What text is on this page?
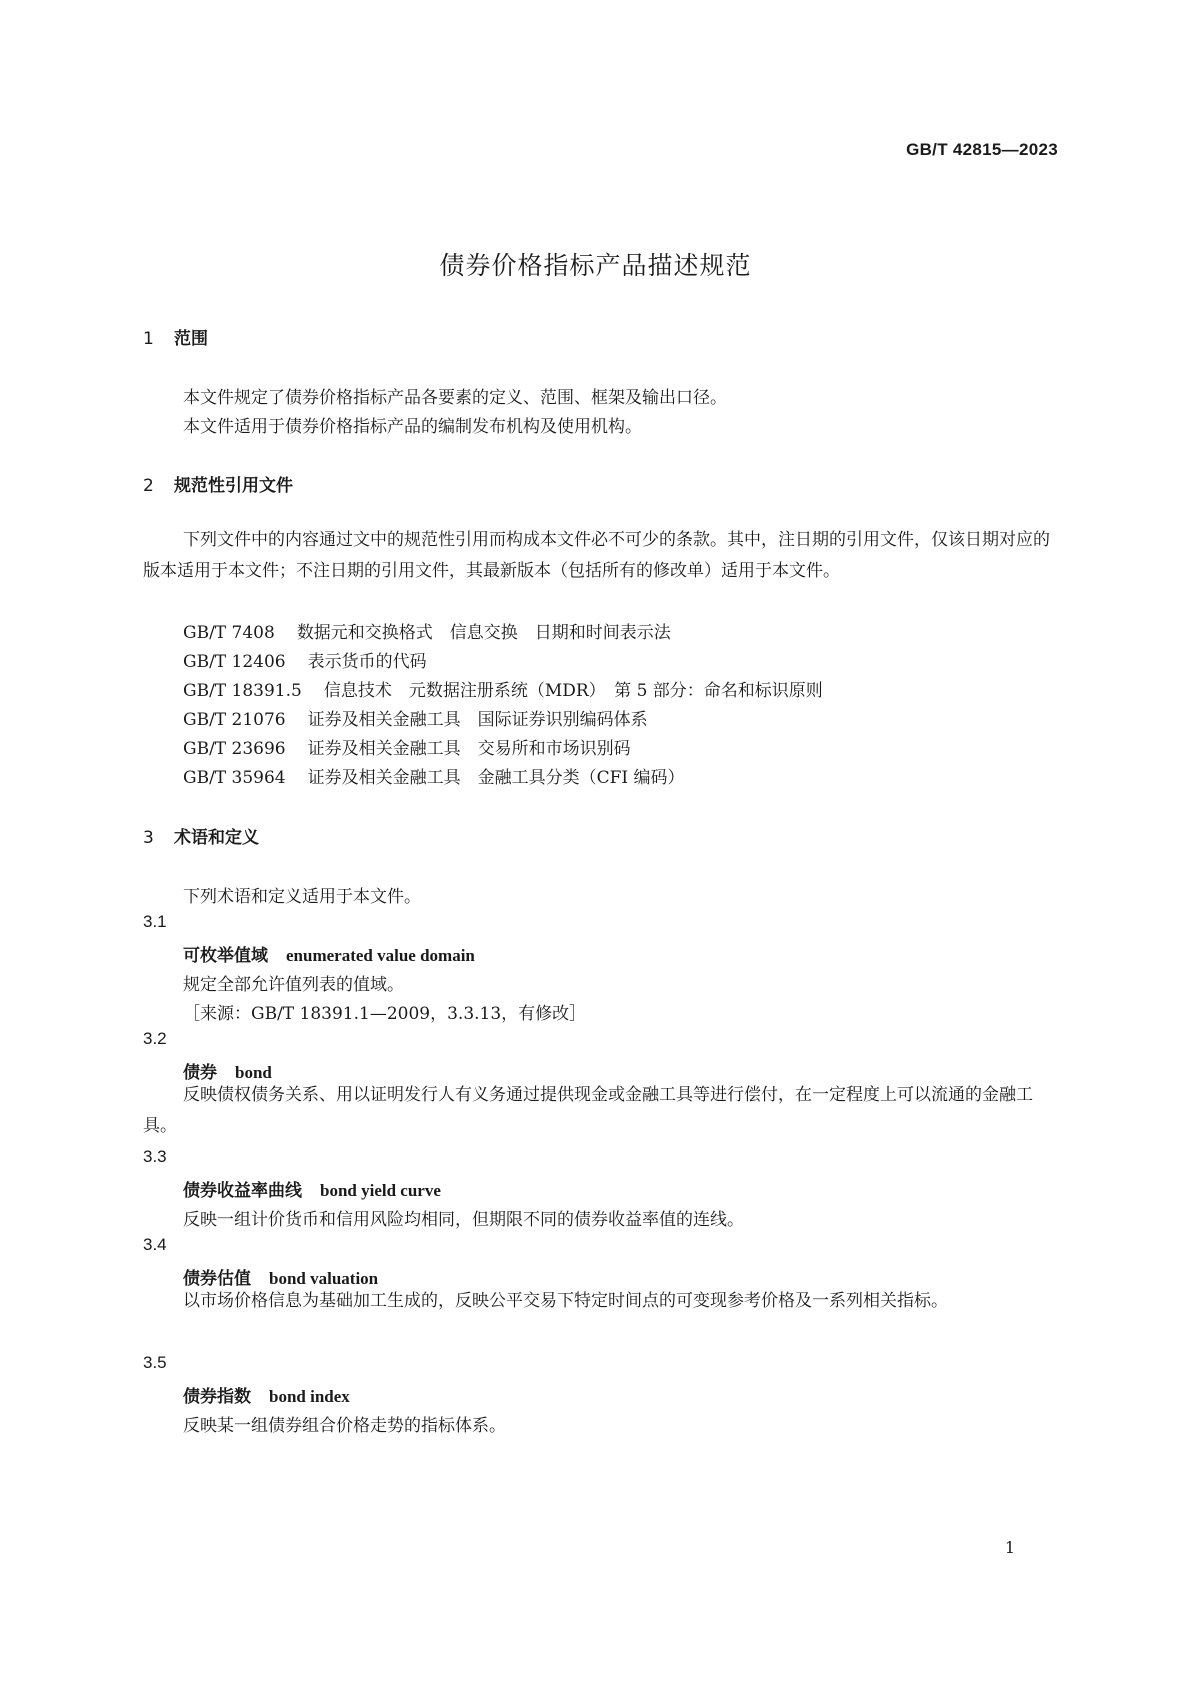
GB/T 42815—2023
债券价格指标产品描述规范
1 范围
本文件规定了债券价格指标产品各要素的定义、范围、框架及输出口径。
本文件适用于债券价格指标产品的编制发布机构及使用机构。
2 规范性引用文件
下列文件中的内容通过文中的规范性引用而构成本文件必不可少的条款。其中，注日期的引用文件，仅该日期对应的版本适用于本文件；不注日期的引用文件，其最新版本（包括所有的修改单）适用于本文件。
GB/T 7408 数据元和交换格式　信息交换　日期和时间表示法
GB/T 12406 表示货币的代码
GB/T 18391.5 信息技术　元数据注册系统（MDR）　第 5 部分：命名和标识原则
GB/T 21076 证券及相关金融工具　国际证券识别编码体系
GB/T 23696 证券及相关金融工具　交易所和市场识别码
GB/T 35964 证券及相关金融工具　金融工具分类（CFI 编码）
3 术语和定义
下列术语和定义适用于本文件。
3.1
可枚举值域 enumerated value domain
规定全部允许值列表的值域。
［来源：GB/T 18391.1—2009，3.3.13，有修改］
3.2
债券 bond
反映债权债务关系、用以证明发行人有义务通过提供现金或金融工具等进行偿付，在一定程度上可以流通的金融工具。
3.3
债券收益率曲线 bond yield curve
反映一组计价货币和信用风险均相同，但期限不同的债券收益率值的连线。
3.4
债券估值 bond valuation
以市场价格信息为基础加工生成的，反映公平交易下特定时间点的可变现参考价格及一系列相关指标。
3.5
债券指数 bond index
反映某一组债券组合价格走势的指标体系。
1
